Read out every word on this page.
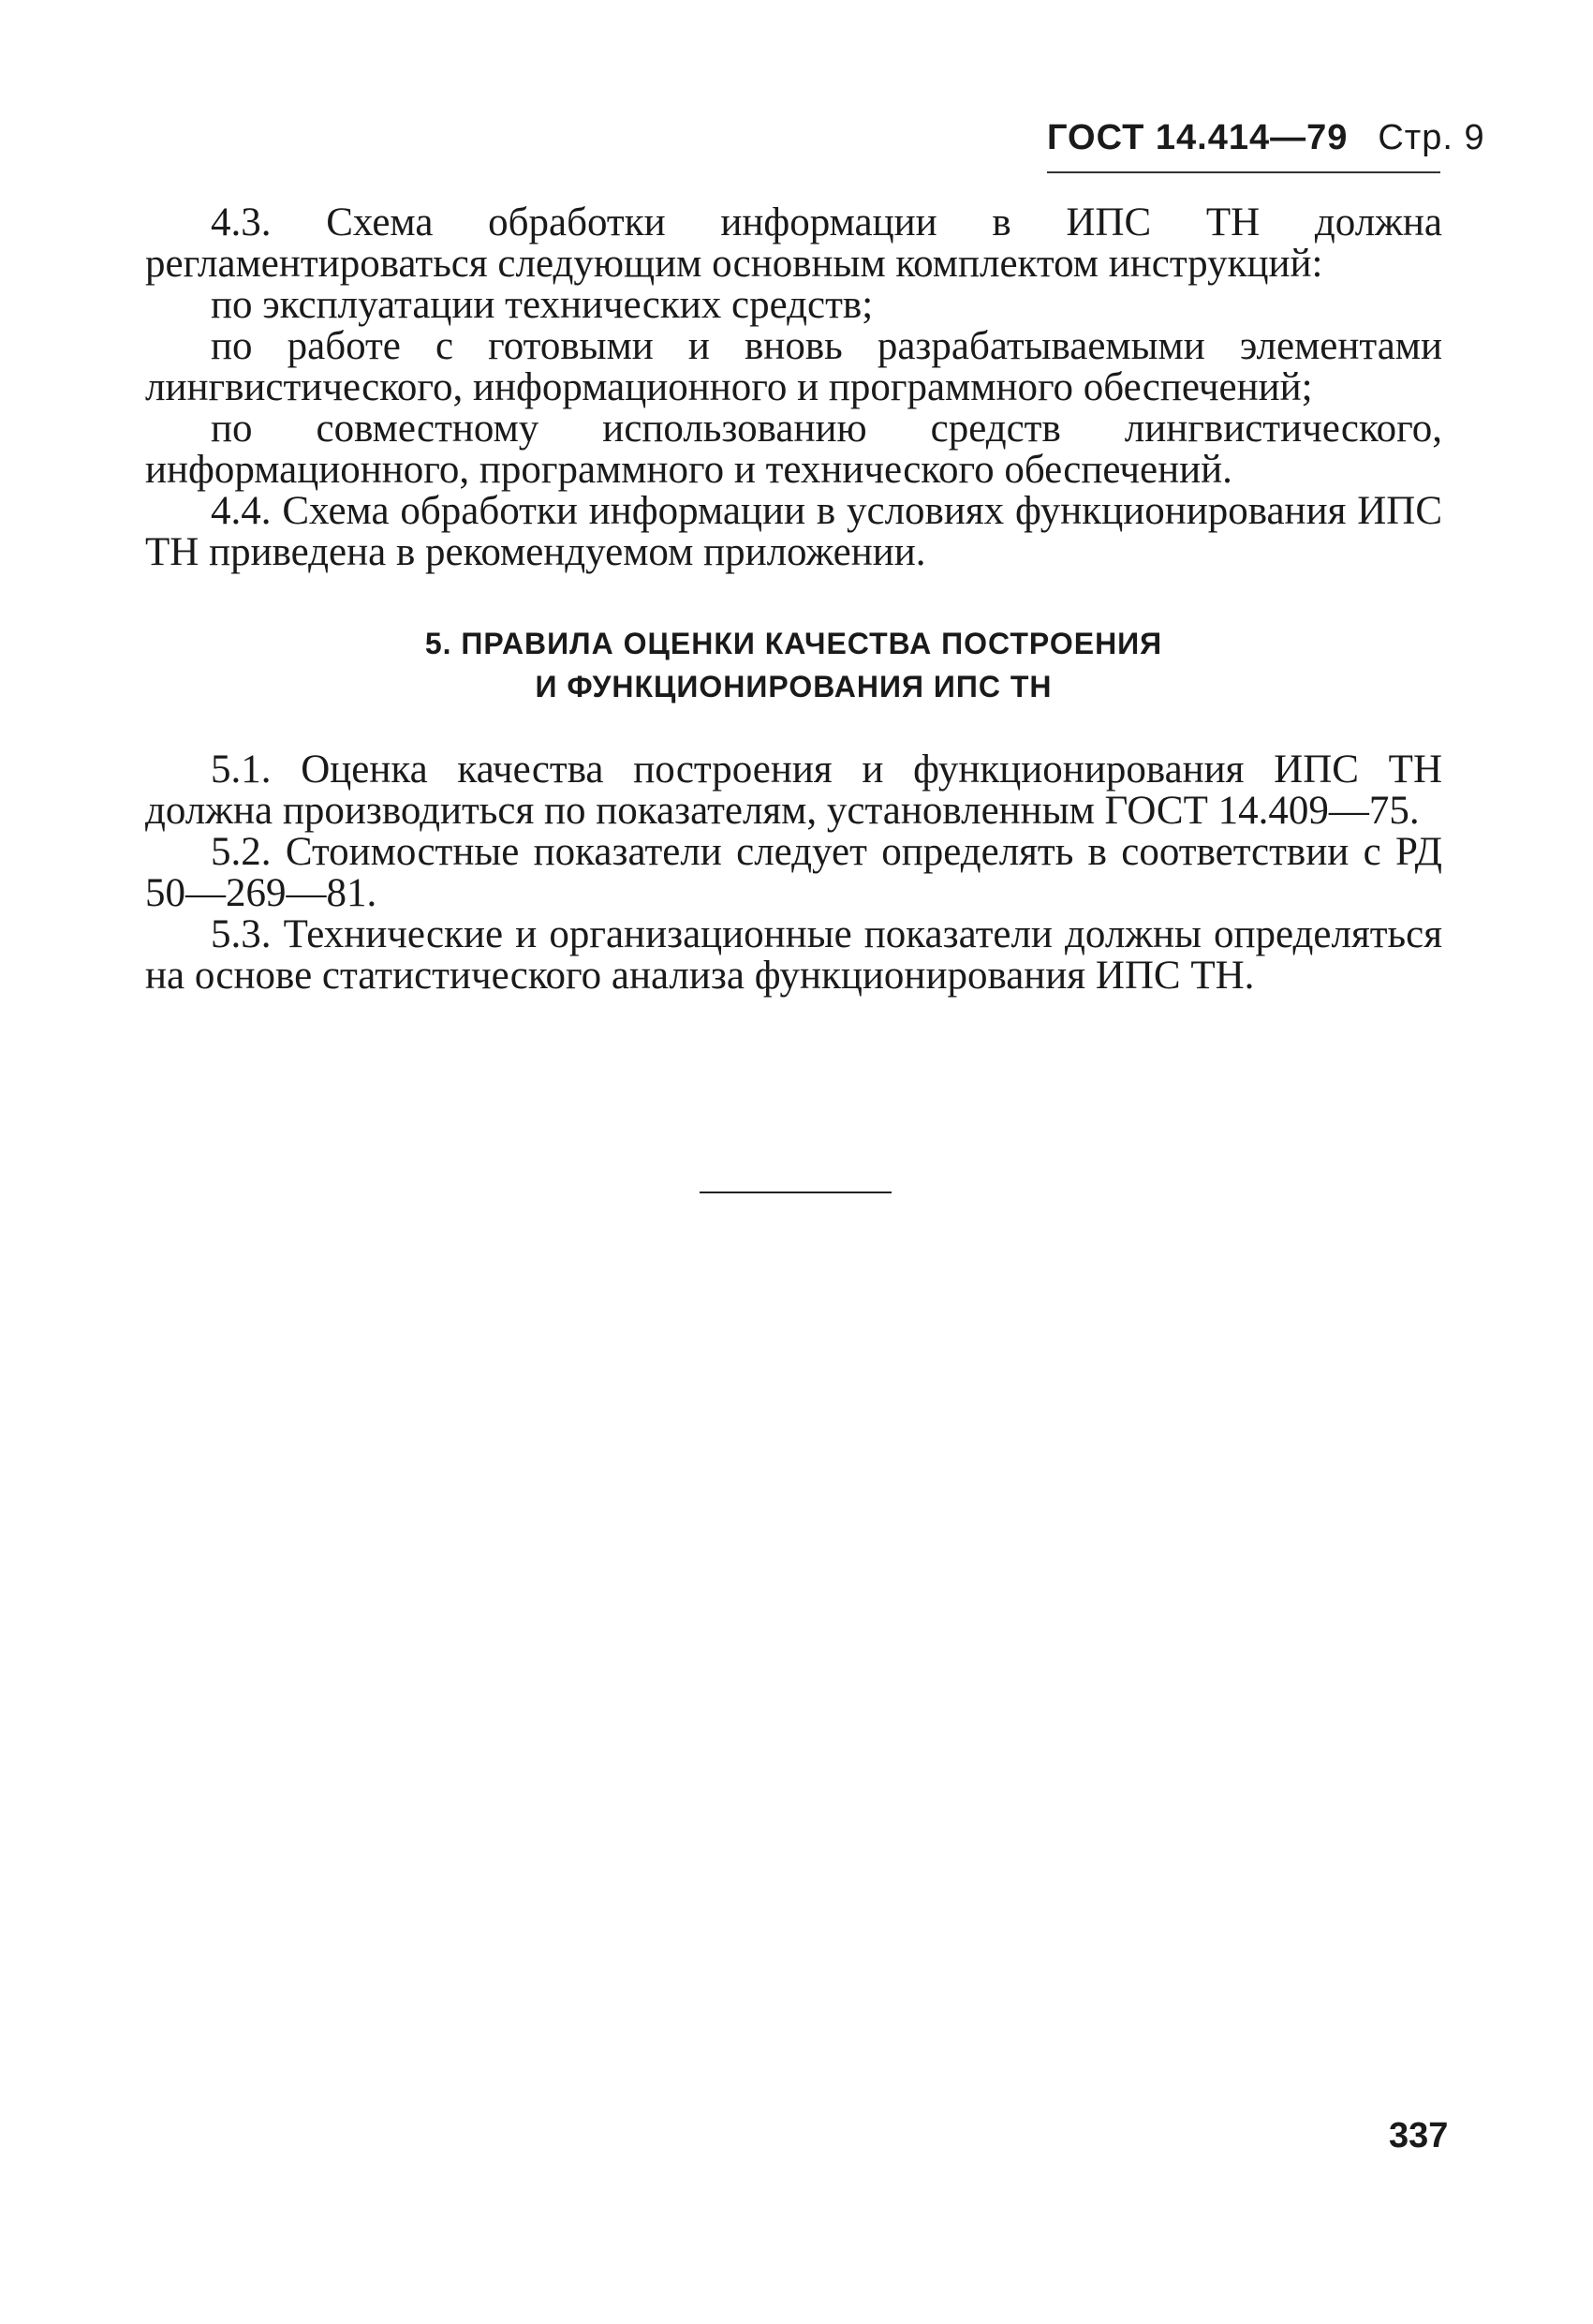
ГОСТ 14.414—79 Стр. 9

4.3. Схема обработки информации в ИПС ТН должна регламентироваться следующим основным комплектом инструкций:

по эксплуатации технических средств;

по работе с готовыми и вновь разрабатываемыми элементами лингвистического, информационного и программного обеспечений;

по совместному использованию средств лингвистического, информационного, программного и технического обеспечений.

4.4. Схема обработки информации в условиях функционирования ИПС ТН приведена в рекомендуемом приложении.

5. ПРАВИЛА ОЦЕНКИ КАЧЕСТВА ПОСТРОЕНИЯ
И ФУНКЦИОНИРОВАНИЯ ИПС ТН

5.1. Оценка качества построения и функционирования ИПС ТН должна производиться по показателям, установленным ГОСТ 14.409—75.

5.2. Стоимостные показатели следует определять в соответствии с РД 50—269—81.

5.3. Технические и организационные показатели должны определяться на основе статистического анализа функционирования ИПС ТН.

337
